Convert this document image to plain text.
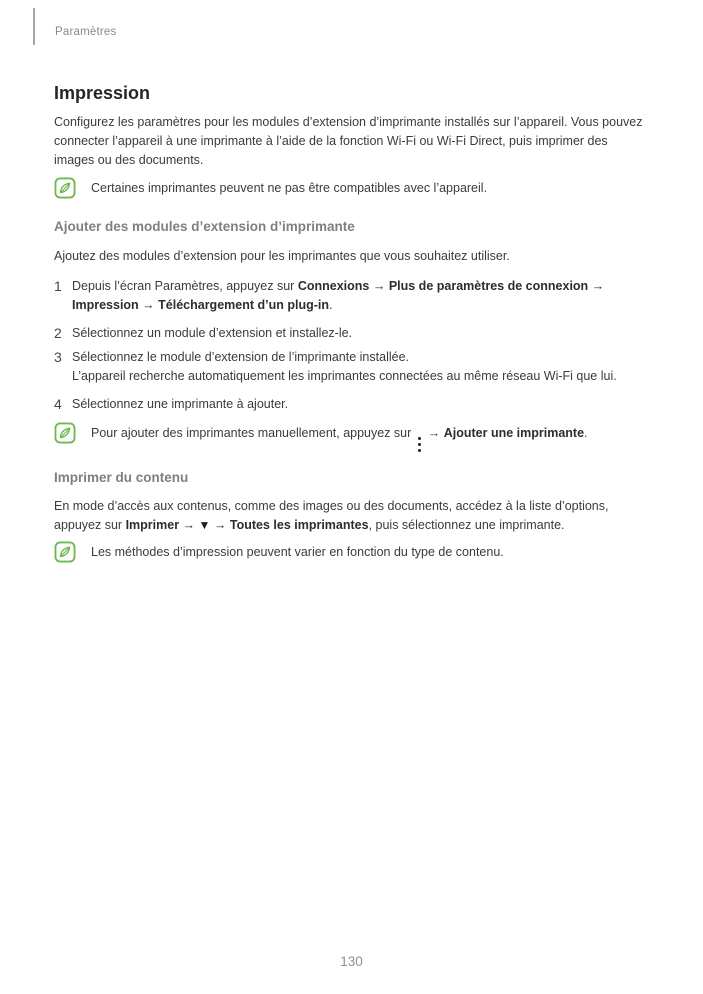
Paramètres
Impression

Configurez les paramètres pour les modules d’extension d’imprimante installés sur l’appareil. Vous pouvez connecter l’appareil à une imprimante à l’aide de la fonction Wi-Fi ou Wi-Fi Direct, puis imprimer des images ou des documents.

Certaines imprimantes peuvent ne pas être compatibles avec l’appareil.

Ajouter des modules d’extension d’imprimante

Ajoutez des modules d’extension pour les imprimantes que vous souhaitez utiliser.

1 Depuis l’écran Paramètres, appuyez sur Connexions → Plus de paramètres de connexion → Impression → Téléchargement d’un plug-in.
2 Sélectionnez un module d’extension et installez-le.
3 Sélectionnez le module d’extension de l’imprimante installée.
L’appareil recherche automatiquement les imprimantes connectées au même réseau Wi-Fi que lui.
4 Sélectionnez une imprimante à ajouter.

Pour ajouter des imprimantes manuellement, appuyez sur
→ Ajouter une imprimante.

Imprimer du contenu

En mode d’accès aux contenus, comme des images ou des documents, accédez à la liste d’options, appuyez sur Imprimer → ▼ → Toutes les imprimantes, puis sélectionnez une imprimante.

Les méthodes d’impression peuvent varier en fonction du type de contenu.

130
